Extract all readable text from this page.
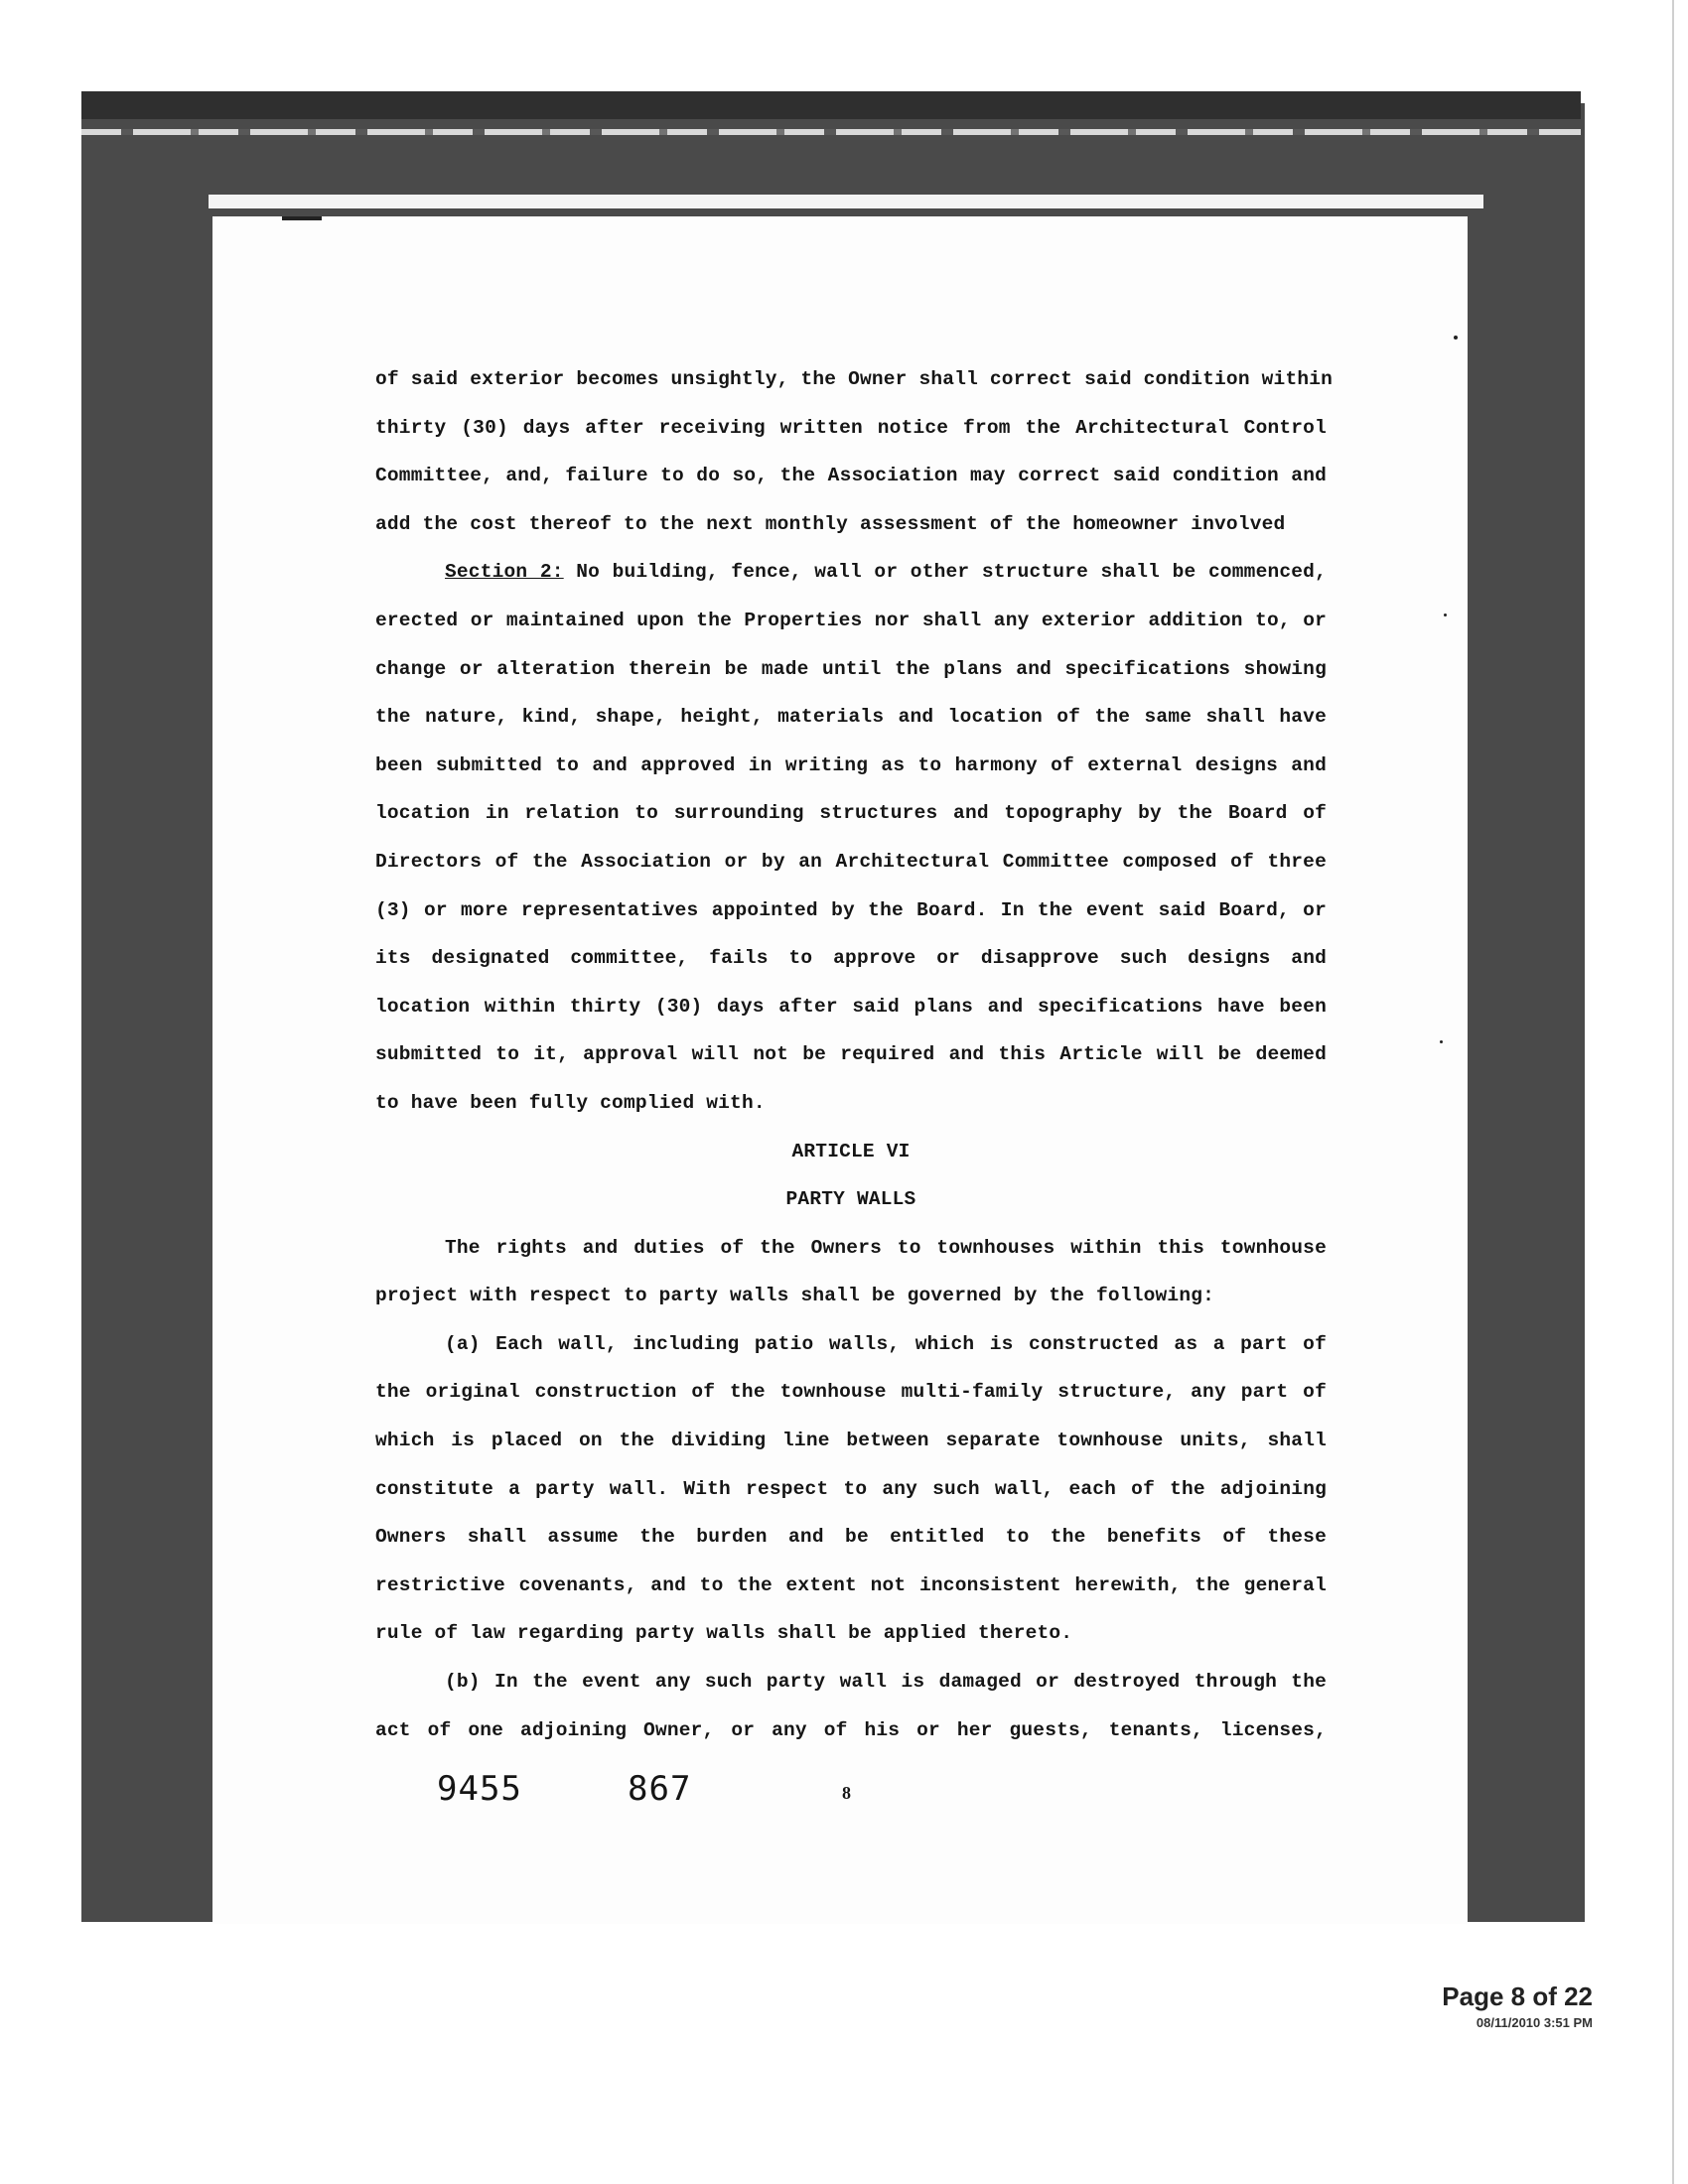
of said exterior becomes unsightly, the Owner shall correct said condition within
thirty (30) days after receiving written notice from the Architectural Control
Committee, and, failure to do so, the Association may correct said condition and
add the cost thereof to the next monthly assessment of the homeowner involved
Section 2: No building, fence, wall or other structure shall be commenced,
erected or maintained upon the Properties nor shall any exterior addition to, or
change or alteration therein be made until the plans and specifications showing
the nature, kind, shape, height, materials and location of the same shall have
been submitted to and approved in writing as to harmony of external designs and
location in relation to surrounding structures and topography by the Board of
Directors of the Association or by an Architectural Committee composed of three
(3) or more representatives appointed by the Board. In the event said Board, or
its designated committee, fails to approve or disapprove such designs and
location within thirty (30) days after said plans and specifications have been
submitted to it, approval will not be required and this Article will be deemed
to have been fully complied with.
ARTICLE VI
PARTY WALLS
The rights and duties of the Owners to townhouses within this townhouse
project with respect to party walls shall be governed by the following:
(a) Each wall, including patio walls, which is constructed as a part of
the original construction of the townhouse multi-family structure, any part of
which is placed on the dividing line between separate townhouse units, shall
constitute a party wall. With respect to any such wall, each of the adjoining
Owners shall assume the burden and be entitled to the benefits of these
restrictive covenants, and to the extent not inconsistent herewith, the general
rule of law regarding party walls shall be applied thereto.
(b) In the event any such party wall is damaged or destroyed through the
act of one adjoining Owner, or any of his or her guests, tenants, licenses,
9455	867	8
Page 8 of 22
08/11/2010 3:51 PM
